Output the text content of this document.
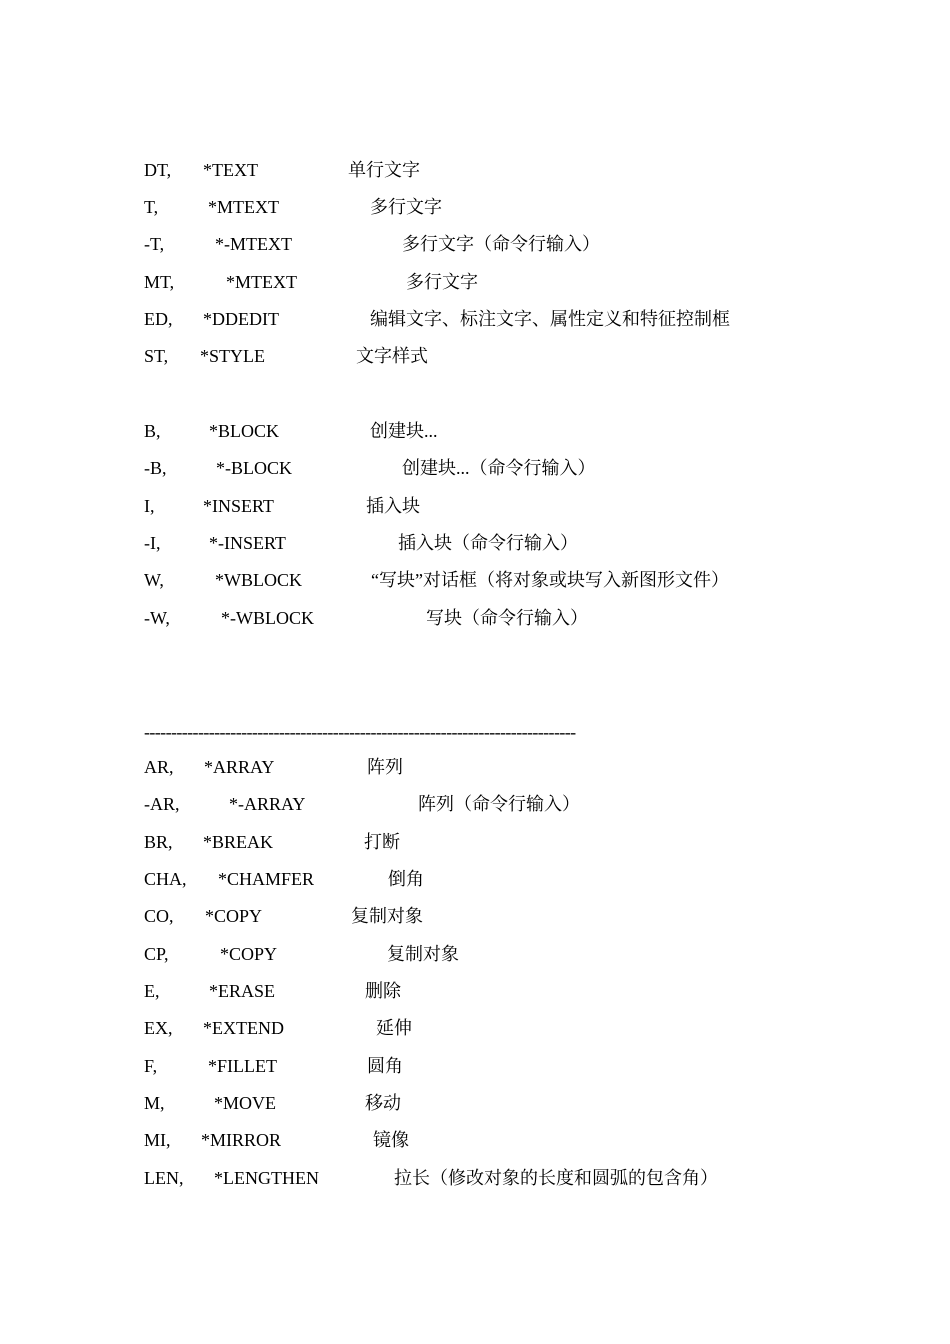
DT, *TEXT	单行文字
T,	*MTEXT	多行文字
-T,	*-MTEXT	多行文字（命令行输入）
MT,	*MTEXT	多行文字
ED, *DDEDIT	编辑文字、标注文字、属性定义和特征控制框
ST, *STYLE	文字样式
B,	*BLOCK	创建块...
-B,	*-BLOCK	创建块...（命令行输入）
I,	*INSERT	插入块
-I,	*-INSERT	插入块（命令行输入）
W,	*WBLOCK	“写块”对话框（将对象或块写入新图形文件）
-W,	*-WBLOCK	写块（命令行输入）
--------------------------------------------------------------------------------
AR, *ARRAY	阵列
-AR,	*-ARRAY	阵列（命令行输入）
BR, *BREAK	打断
CHA, *CHAMFER	倒角
CO, *COPY	复制对象
CP,	*COPY	复制对象
E,	*ERASE	删除
EX, *EXTEND	延伸
F,	*FILLET	圆角
M,	*MOVE	移动
MI, *MIRROR	镜像
LEN, *LENGTHEN	拉长（修改对象的长度和圆弧的包含角）
